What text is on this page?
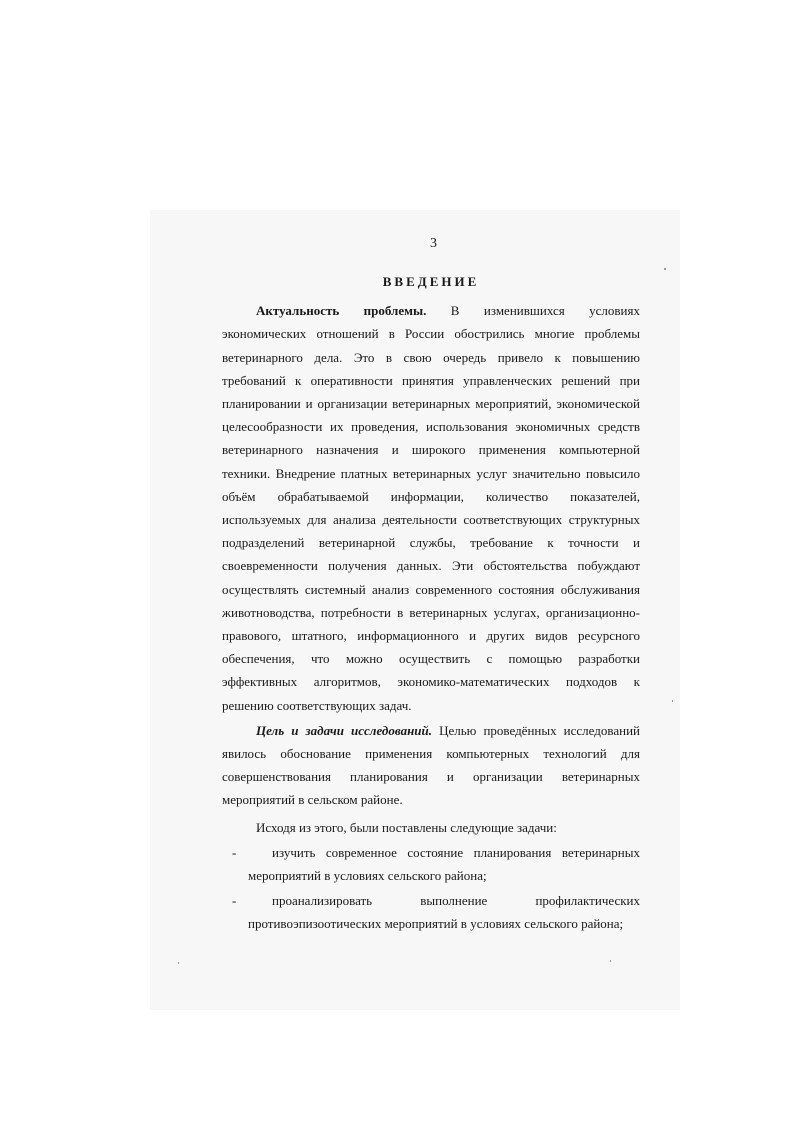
3
ВВЕДЕНИЕ

Актуальность проблемы. В изменившихся условиях экономических отношений в России обострились многие проблемы ветеринарного дела. Это в свою очередь привело к повышению требований к оперативности принятия управленческих решений при планировании и организации ветеринарных мероприятий, экономической целесообразности их проведения, использования экономичных средств ветеринарного назначения и широкого применения компьютерной техники. Внедрение платных ветеринарных услуг значительно повысило объём обрабатываемой информации, количество показателей, используемых для анализа деятельности соответствующих структурных подразделений ветеринарной службы, требование к точности и своевременности получения данных. Эти обстоятельства побуждают осуществлять системный анализ современного состояния обслуживания животноводства, потребности в ветеринарных услугах, организационно-правового, штатного, информационного и других видов ресурсного обеспечения, что можно осуществить с помощью разработки эффективных алгоритмов, экономико-математических подходов к решению соответствующих задач.

Цель и задачи исследований. Целью проведённых исследований явилось обоснование применения компьютерных технологий для совершенствования планирования и организации ветеринарных мероприятий в сельском районе.

Исходя из этого, были поставлены следующие задачи:

-	изучить современное состояние планирования ветеринарных мероприятий в условиях сельского района;
-	проанализировать выполнение профилактических противоэпизоотических мероприятий в условиях сельского района;
